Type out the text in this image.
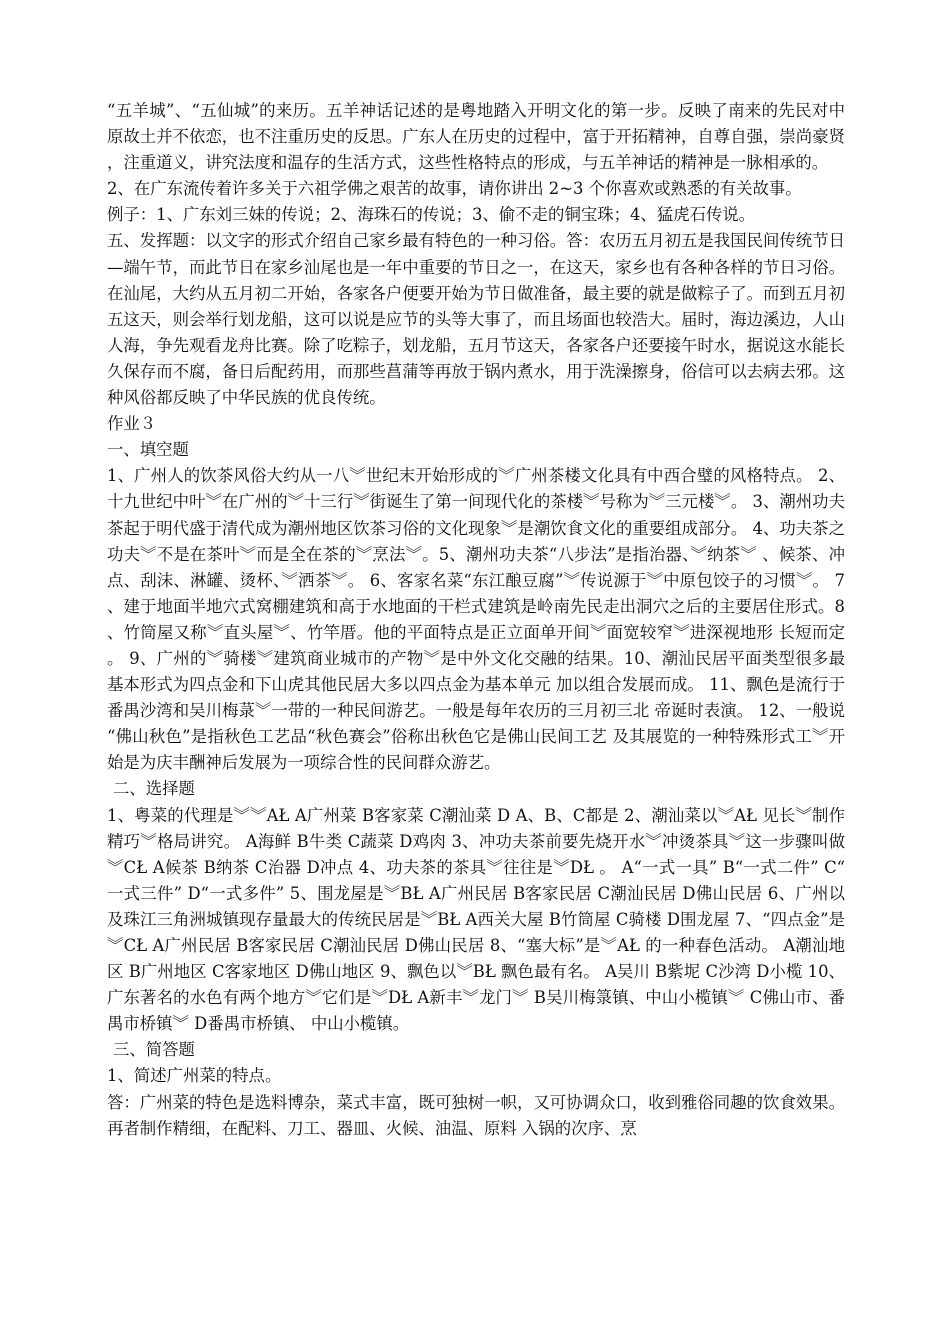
“五羊城”、“五仙城”的来历。五羊神话记述的是粤地踏入开明文化的第一步。反映了南来的先民对中原故土并不依恋，也不注重历史的反思。广东人在历史的过程中，富于开拓精神，自尊自强，崇尚豪贤，注重道义，讲究法度和温存的生活方式，这些性格特点的形成，与五羊神话的精神是一脉相承的。

2、在广东流传着许多关于六祖学佛之艰苦的故事，请你讲出 2~3 个你喜欢或熟悉的有关故事。

例子：1、广东刘三妹的传说；2、海珠石的传说；3、偷不走的铜宝珠；4、猛虎石传说。

五、发挥题：以文字的形式介绍自己家乡最有特色的一种习俗。答：农历五月初五是我国民间传统节日—端午节，而此节日在家乡汕尾也是一年中重要的节日之一，在这天，家乡也有各种各样的节日习俗。在汕尾，大约从五月初二开始，各家各户便要开始为节日做准备，最主要的就是做粽子了。而到五月初五这天，则会举行划龙船，这可以说是应节的头等大事了，而且场面也较浩大。届时，海边溪边，人山人海，争先观看龙舟比赛。除了吃粽子，划龙船，五月节这天，各家各户还要接午时水，据说这水能长久保存而不腐，备日后配药用，而那些菖蒲等再放于锅内煮水，用于洗澡擦身，俗信可以去病去邪。这种风俗都反映了中华民族的优良传统。

作业３

一、填空题

1、广州人的饮茶风俗大约从一八︾世纪末开始形成的︾广州茶楼文化具有中西合璧的风格特点。 2、十九世纪中叶︾在广州的︾十三行︾街诞生了第一间现代化的茶楼︾号称为︾三元楼︾。 3、潮州功夫茶起于明代盛于清代成为潮州地区饮茶习俗的文化现象︾是潮饮食文化的重要组成部分。 4、功夫茶之功夫︾不是在茶叶︾而是全在茶的︾烹法︾。5、潮州功夫茶“八步法”是指治器、︾纳茶︾ 、候茶、冲点、刮沫、淋罐、烫杯、︾洒茶︾。 6、客家名菜“东江酿豆腐”︾传说源于︾中原包饺子的习惯︾。 7、建于地面半地穴式窝棚建筑和高于水地面的干栏式建筑是岭南先民走出洞穴之后的主要居住形式。8、竹筒屋又称︾直头屋︾、竹竿厝。他的平面特点是正立面单开间︾面宽较窄︾进深视地形 长短而定。 9、广州的︾骑楼︾建筑商业城市的产物︾是中外文化交融的结果。10、潮汕民居平面类型很多最基本形式为四点金和下山虎其他民居大多以四点金为基本单元 加以组合发展而成。 11、飘色是流行于番禺沙湾和吴川梅菉︾一带的一种民间游艺。一般是每年农历的三月初三北 帝诞时表演。 12、一般说“佛山秋色”是指秋色工艺品“秋色赛会”俗称出秋色它是佛山民间工艺 及其展览的一种特殊形式工︾开始是为庆丰酬神后发展为一项综合性的民间群众游艺。

二、选择题

1、粤菜的代理是︾︾AŁ A广州菜 B客家菜 C潮汕菜 D A、B、C都是 2、潮汕菜以︾AŁ 见长︾制作精巧︾格局讲究。 A海鲜 B牛类 C蔬菜 D鸡肉 3、冲功夫茶前要先烧开水︾冲烫茶具︾这一步骤叫做︾CŁ A候茶 B纳茶 C治器 D冲点 4、功夫茶的茶具︾往往是︾DŁ 。 A“一式一具” B“一式二件” C“一式三件” D“一式多件” 5、围龙屋是︾BŁ A广州民居 B客家民居 C潮汕民居 D佛山民居 6、广州以及珠江三角洲城镇现存量最大的传统民居是︾BŁ A西关大屋 B竹筒屋 C骑楼 D围龙屋 7、“四点金”是︾CŁ A广州民居 B客家民居 C潮汕民居 D佛山民居 8、“塞大标”是︾AŁ 的一种春色活动。 A潮汕地区 B广州地区 C客家地区 D佛山地区 9、飘色以︾BŁ 飘色最有名。 A吴川 B紫坭 C沙湾 D小榄 10、广东著名的水色有两个地方︾它们是︾DŁ A新丰︾龙门︾ B吴川梅箓镇、中山小榄镇︾ C佛山市、番禺市桥镇︾ D番禺市桥镇、 中山小榄镇。

三、简答题

1、简述广州菜的特点。

答：广州菜的特色是选料博杂，菜式丰富，既可独树一帜，又可协调众口，收到雅俗同趣的饮食效果。再者制作精细，在配料、刀工、器皿、火候、油温、原料 入锅的次序、烹
